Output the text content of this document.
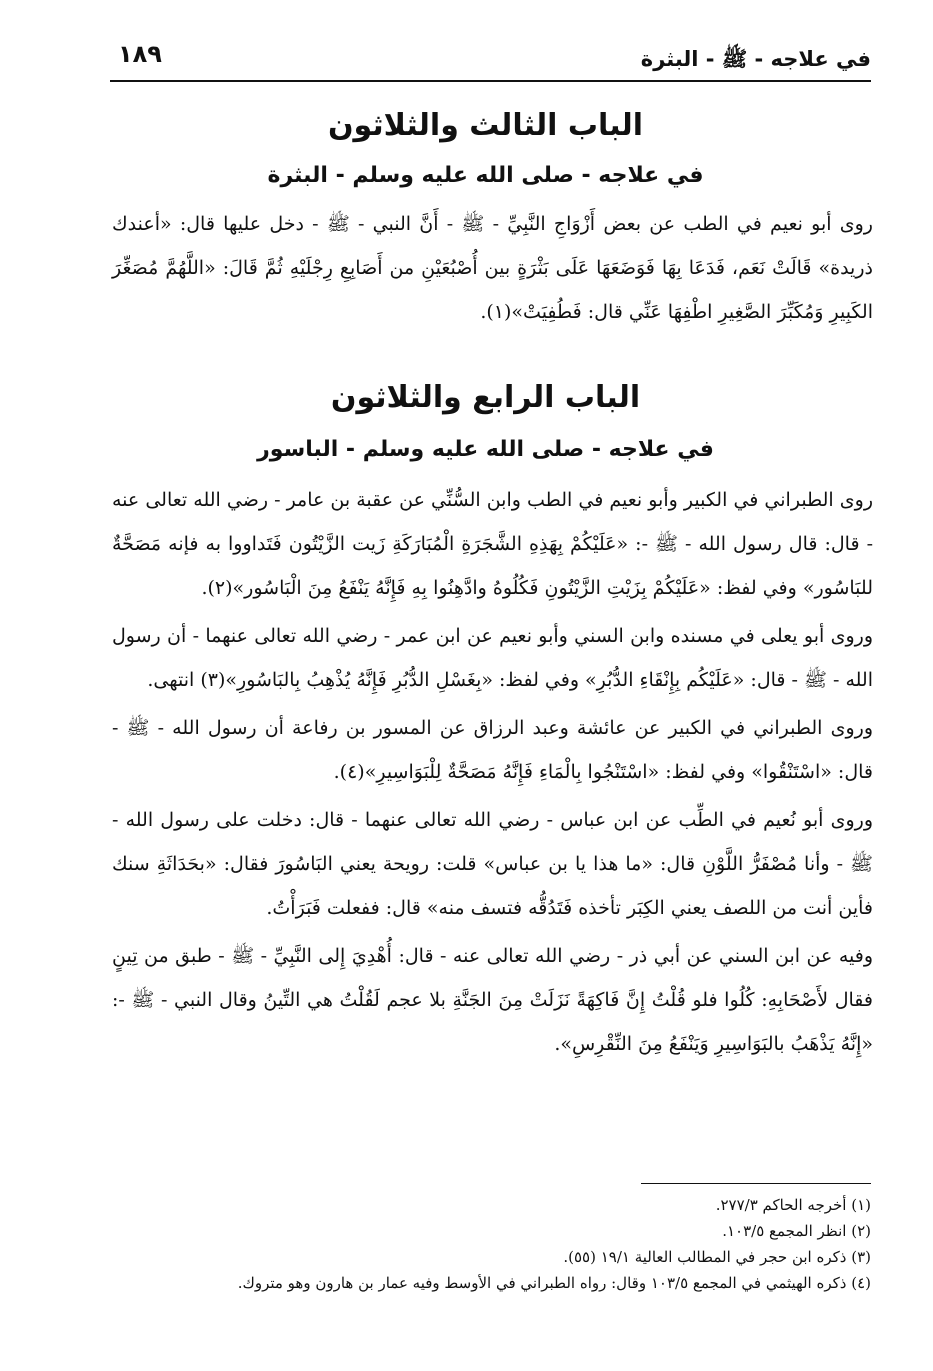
في علاجه - ﷺ - البثرة
١٨٩
الباب الثالث والثلاثون
في علاجه - صلى الله عليه وسلم - البثرة

روى أبو نعيم في الطب عن بعض أَزْوَاجِ النَّبِيِّ - ﷺ - أَنَّ النبي - ﷺ - دخل عليها قال: «أعندك ذريدة» قَالَتْ نَعَم، فَدَعَا بِهَا فَوَضَعَهَا عَلَى بَثْرَةٍ بين أُصْبُعَيْنِ من أَصَابِعِ رِجْلَيْهِ ثُمَّ قَالَ: «اللَّهُمَّ مُصَغِّرَ الكَبِيرِ وَمُكَبِّرَ الصَّغِيرِ اطْفِهَا عَنِّي قال: فَطُفِيَتْ»(١).

الباب الرابع والثلاثون
في علاجه - صلى الله عليه وسلم - الباسور

روى الطبراني في الكبير وأبو نعيم في الطب وابن السُّنِّي عن عقبة بن عامر - رضي الله تعالى عنه - قال: قال رسول الله - ﷺ -: «عَلَيْكُمْ بِهَذِهِ الشَّجَرَةِ الْمُبَارَكَةِ زَيت الزَّيْتُون فَتَداووا به فإنه مَصَحَّةٌ للبَاسُور» وفي لفظ: «عَلَيْكُمْ بِزَيْتِ الزَّيْتُونِ فَكُلُوهُ وادَّهِنُوا بِهِ فَإِنَّهُ يَنْفَعُ مِنَ الْبَاسُور»(٢).

وروى أبو يعلى في مسنده وابن السني وأبو نعيم عن ابن عمر - رضي الله تعالى عنهما - أن رسول الله - ﷺ - قال: «عَلَيْكُم بِإِنْقَاءِ الدُّبُرِ» وفي لفظ: «بِغَسْلِ الدُّبُرِ فَإِنَّهُ يُذْهِبُ بِالبَاسُورِ»(٣) انتهى.

وروى الطبراني في الكبير عن عائشة وعبد الرزاق عن المسور بن رفاعة أن رسول الله - ﷺ - قال: «اسْتَنْقُوا» وفي لفظ: «اسْتَنْجُوا بِالْمَاءِ فَإِنَّهُ مَصَحَّةٌ لِلْبَوَاسِيرِ»(٤).

وروى أبو نُعيم في الطِّب عن ابن عباس - رضي الله تعالى عنهما - قال: دخلت على رسول الله - ﷺ - وأنا مُصْفَرُّ اللَّوْنِ قال: «ما هذا يا بن عباس» قلت: رويحة يعني البَاسُورَ فقال: «بحَدَاثَةِ سنك فأين أنت من اللصف يعني الكِبَر تأخذه فَتَدُقُّه فتسف منه» قال: ففعلت فَبَرَأْتُ.

وفيه عن ابن السني عن أبي ذر - رضي الله تعالى عنه - قال: أُهْدِيَ إِلى النَّبِيِّ - ﷺ - طبق من تِينٍ فقال لأَصْحَابِهِ: كُلُوا فلو قُلْتُ إِنَّ فَاكِهَةً نَزَلَتْ مِنَ الجَنَّةِ بلا عجم لَقُلْتُ هي التِّينُ وقال النبي - ﷺ -: «إِنَّهُ يَذْهَبُ بالبَوَاسِيرِ وَيَنْفَعُ مِنَ النِّقْرِسِ».

(١) أخرجه الحاكم ٢٧٧/٣.
(٢) انظر المجمع ١٠٣/٥.
(٣) ذكره ابن حجر في المطالب العالية ١٩/١ (٥٥).
(٤) ذكره الهيثمي في المجمع ١٠٣/٥ وقال: رواه الطبراني في الأوسط وفيه عمار بن هارون وهو متروك.
